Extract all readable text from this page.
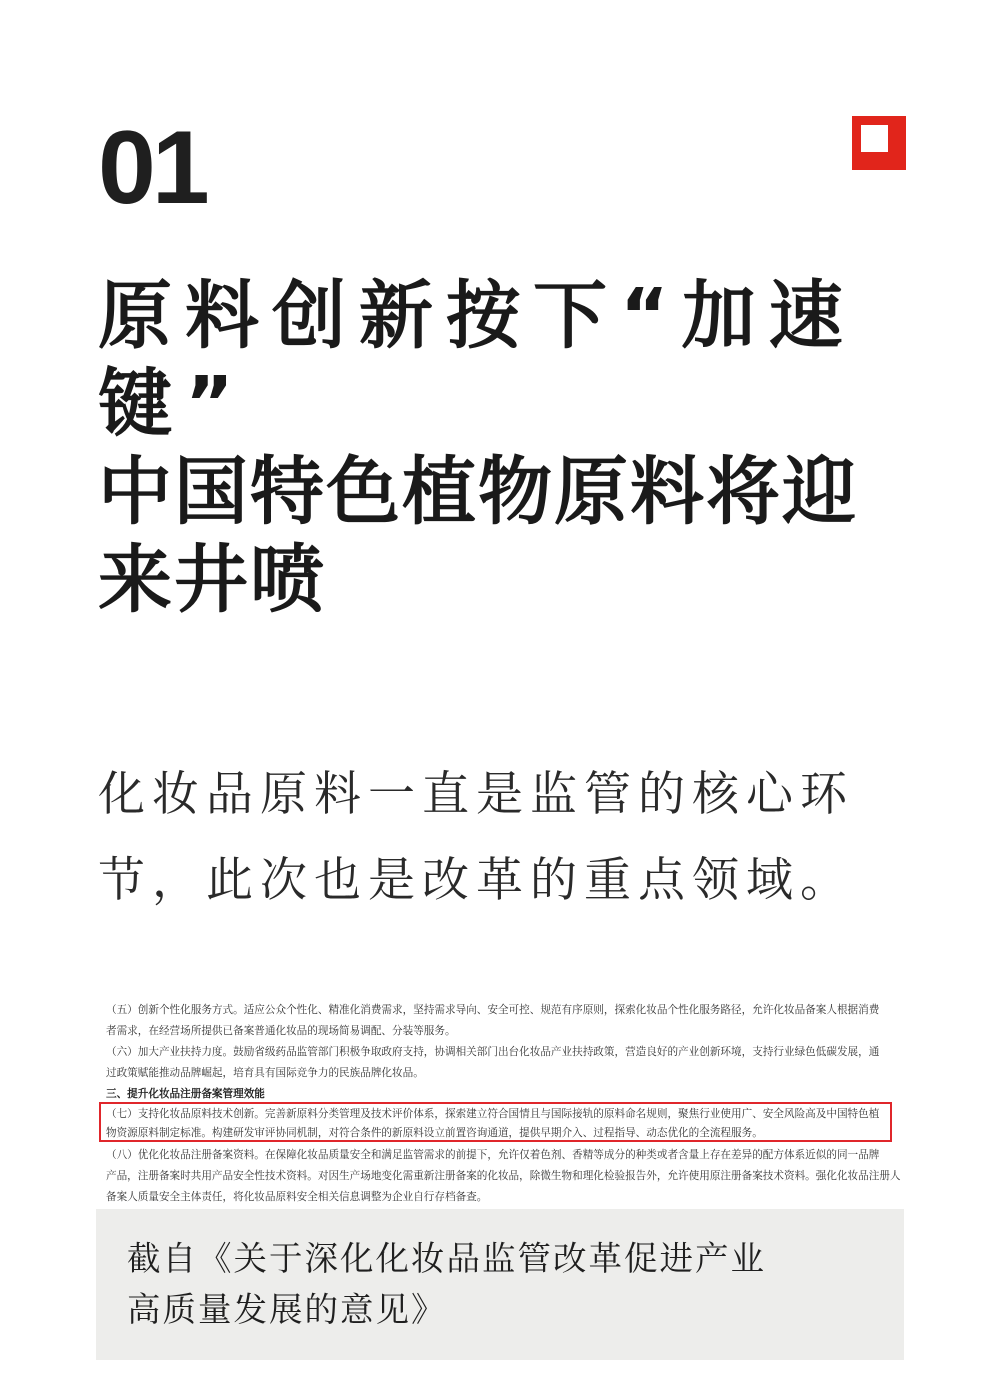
01
原料创新按下“加速
键”
中国特色植物原料将迎
来井喷
化妆品原料一直是监管的核心环
节，此次也是改革的重点领域。
（五）创新个性化服务方式。适应公众个性化、精准化消费需求，坚持需求导向、安全可控、规范有序原则，探索化妆品个性化服务路径，允许化妆品备案人根据消费
者需求，在经营场所提供已备案普通化妆品的现场简易调配、分装等服务。
（六）加大产业扶持力度。鼓励省级药品监管部门积极争取政府支持，协调相关部门出台化妆品产业扶持政策，营造良好的产业创新环境，支持行业绿色低碳发展，通
过政策赋能推动品牌崛起，培育具有国际竞争力的民族品牌化妆品。
三、提升化妆品注册备案管理效能
（七）支持化妆品原料技术创新。完善新原料分类管理及技术评价体系，探索建立符合国情且与国际接轨的原料命名规则，聚焦行业使用广、安全风险高及中国特色植
物资源原料制定标准。构建研发审评协同机制，对符合条件的新原料设立前置咨询通道，提供早期介入、过程指导、动态优化的全流程服务。
（八）优化化妆品注册备案资料。在保障化妆品质量安全和满足监管需求的前提下，允许仅着色剂、香精等成分的种类或者含量上存在差异的配方体系近似的同一品牌
产品，注册备案时共用产品安全性技术资料。对因生产场地变化需重新注册备案的化妆品，除微生物和理化检验报告外，允许使用原注册备案技术资料。强化化妆品注册人
备案人质量安全主体责任，将化妆品原料安全相关信息调整为企业自行存档备查。
截自《关于深化化妆品监管改革促进产业
高质量发展的意见》
